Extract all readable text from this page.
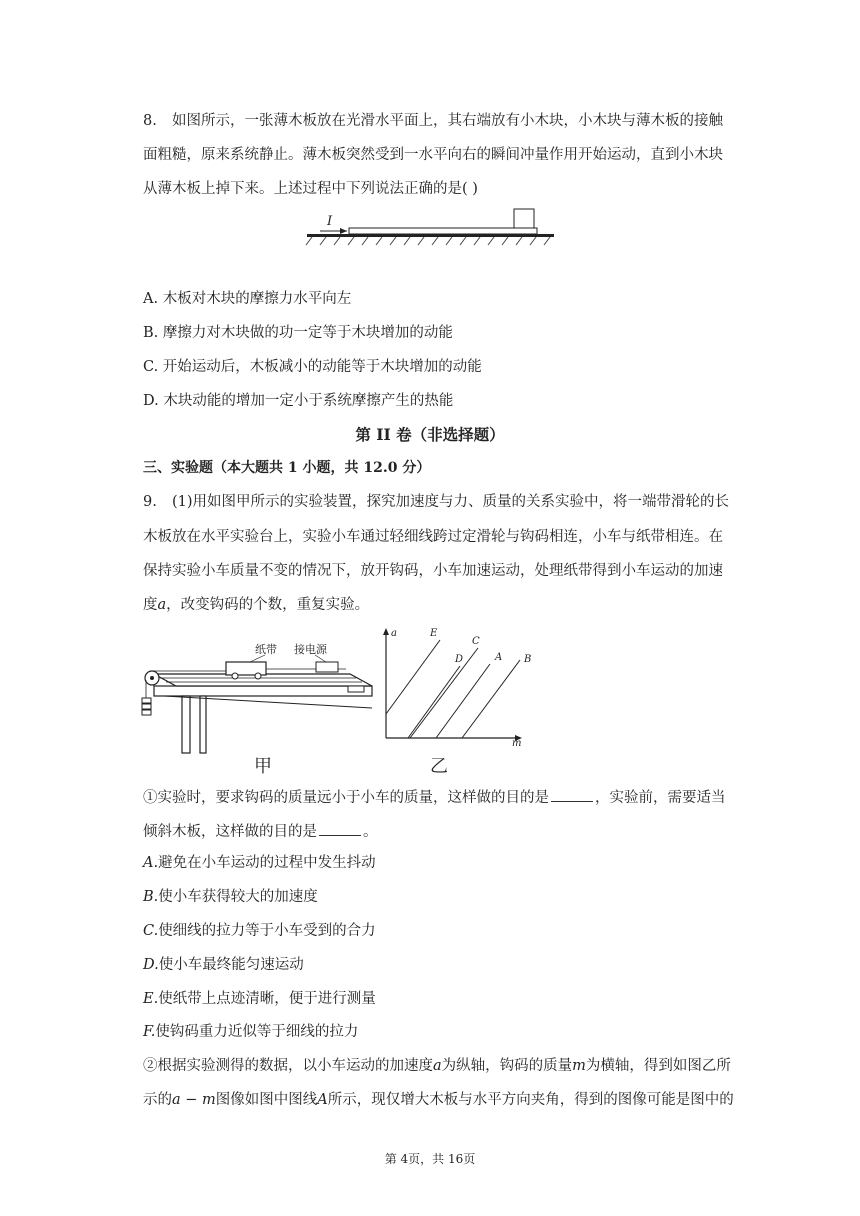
8. 如图所示，一张薄木板放在光滑水平面上，其右端放有小木块，小木块与薄木板的接触
面粗糙，原来系统静止。薄木板突然受到一水平向右的瞬间冲量作用开始运动，直到小木块
从薄木板上掉下来。上述过程中下列说法正确的是( )
I
A. 木板对木块的摩擦力水平向左
B. 摩擦力对木块做的功一定等于木块增加的动能
C. 开始运动后，木板减小的动能等于木块增加的动能
D. 木块动能的增加一定小于系统摩擦产生的热能
第 II 卷（非选择题）
三、实验题（本大题共 1 小题，共 12.0 分）
9. (1)用如图甲所示的实验装置，探究加速度与力、质量的关系实验中，将一端带滑轮的长
木板放在水平实验台上，实验小车通过轻细线跨过定滑轮与钩码相连，小车与纸带相连。在
保持实验小车质量不变的情况下，放开钩码，小车加速运动，处理纸带得到小车运动的加速
度a，改变钩码的个数，重复实验。
纸带 接电源
甲
a
m
E
D
C
A B
乙
①实验时，要求钩码的质量远小于小车的质量，这样做的目的是	，实验前，需要适当
倾斜木板，这样做的目的是	。
A.避免在小车运动的过程中发生抖动
B.使小车获得较大的加速度
C.使细线的拉力等于小车受到的合力
D.使小车最终能匀速运动
E.使纸带上点迹清晰，便于进行测量
F.使钩码重力近似等于细线的拉力
②根据实验测得的数据，以小车运动的加速度a为纵轴，钩码的质量m为横轴，得到如图乙所
示的a − m图像如图中图线A所示，现仅增大木板与水平方向夹角，得到的图像可能是图中的
第 4页，共 16页
